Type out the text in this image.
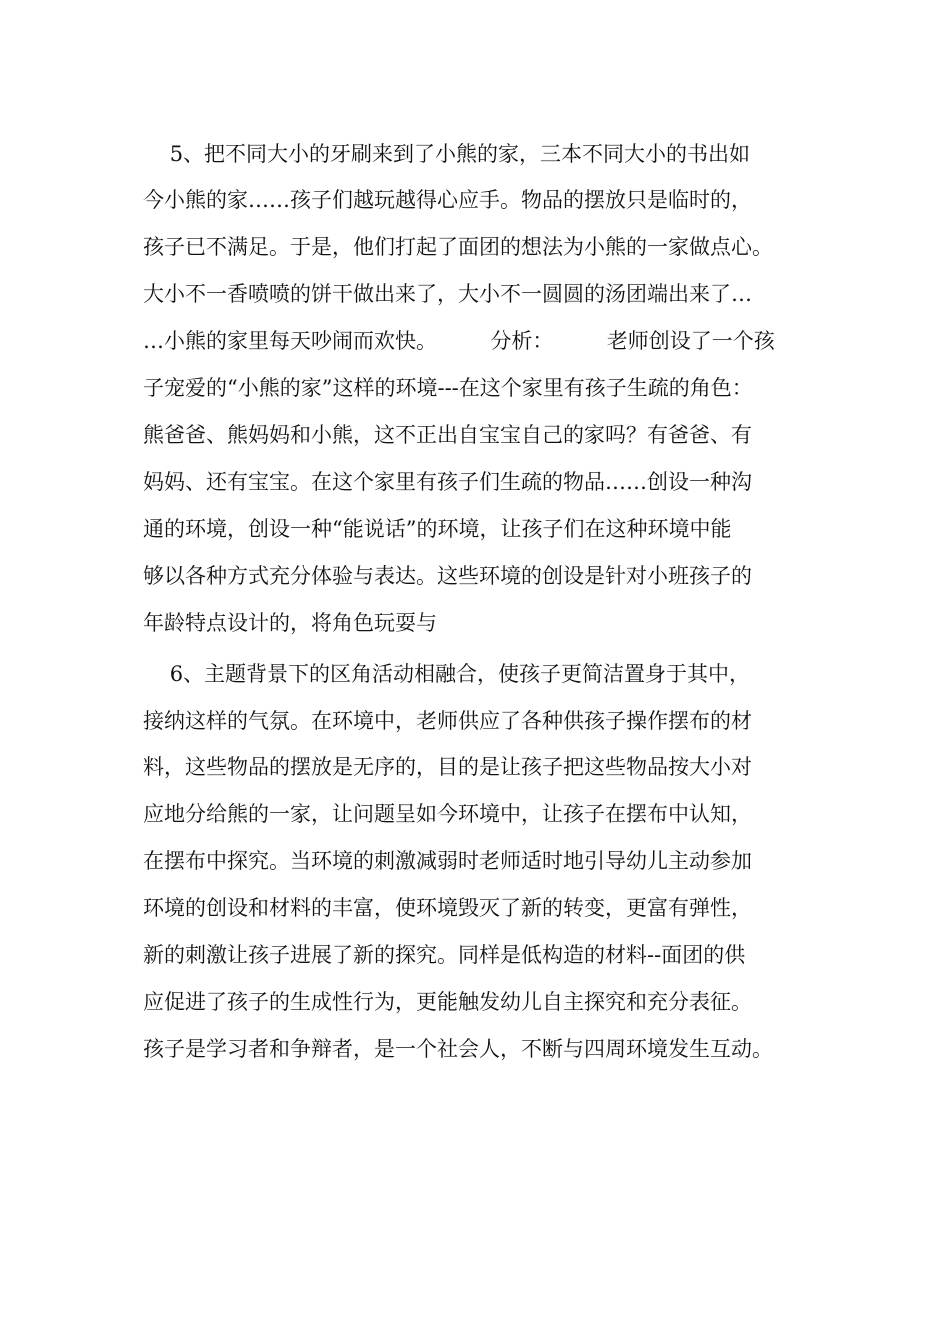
5、把不同大小的牙刷来到了小熊的家，三本不同大小的书出如
今小熊的家……孩子们越玩越得心应手。物品的摆放只是临时的，
孩子已不满足。于是，他们打起了面团的想法为小熊的一家做点心。
大小不一香喷喷的饼干做出来了，大小不一圆圆的汤团端出来了…
…小熊的家里每天吵闹而欢快。        分析：        老师创设了一个孩
子宠爱的“小熊的家”这样的环境---在这个家里有孩子生疏的角色：
熊爸爸、熊妈妈和小熊，这不正出自宝宝自己的家吗？有爸爸、有
妈妈、还有宝宝。在这个家里有孩子们生疏的物品……创设一种沟
通的环境，创设一种“能说话”的环境，让孩子们在这种环境中能
够以各种方式充分体验与表达。这些环境的创设是针对小班孩子的
年龄特点设计的，将角色玩耍与
6、主题背景下的区角活动相融合，使孩子更简洁置身于其中，
接纳这样的气氛。在环境中，老师供应了各种供孩子操作摆布的材
料，这些物品的摆放是无序的，目的是让孩子把这些物品按大小对
应地分给熊的一家，让问题呈如今环境中，让孩子在摆布中认知，
在摆布中探究。当环境的刺激减弱时老师适时地引导幼儿主动参加
环境的创设和材料的丰富，使环境毁灭了新的转变，更富有弹性，
新的刺激让孩子进展了新的探究。同样是低构造的材料--面团的供
应促进了孩子的生成性行为，更能触发幼儿自主探究和充分表征。
孩子是学习者和争辩者，是一个社会人，不断与四周环境发生互动。
